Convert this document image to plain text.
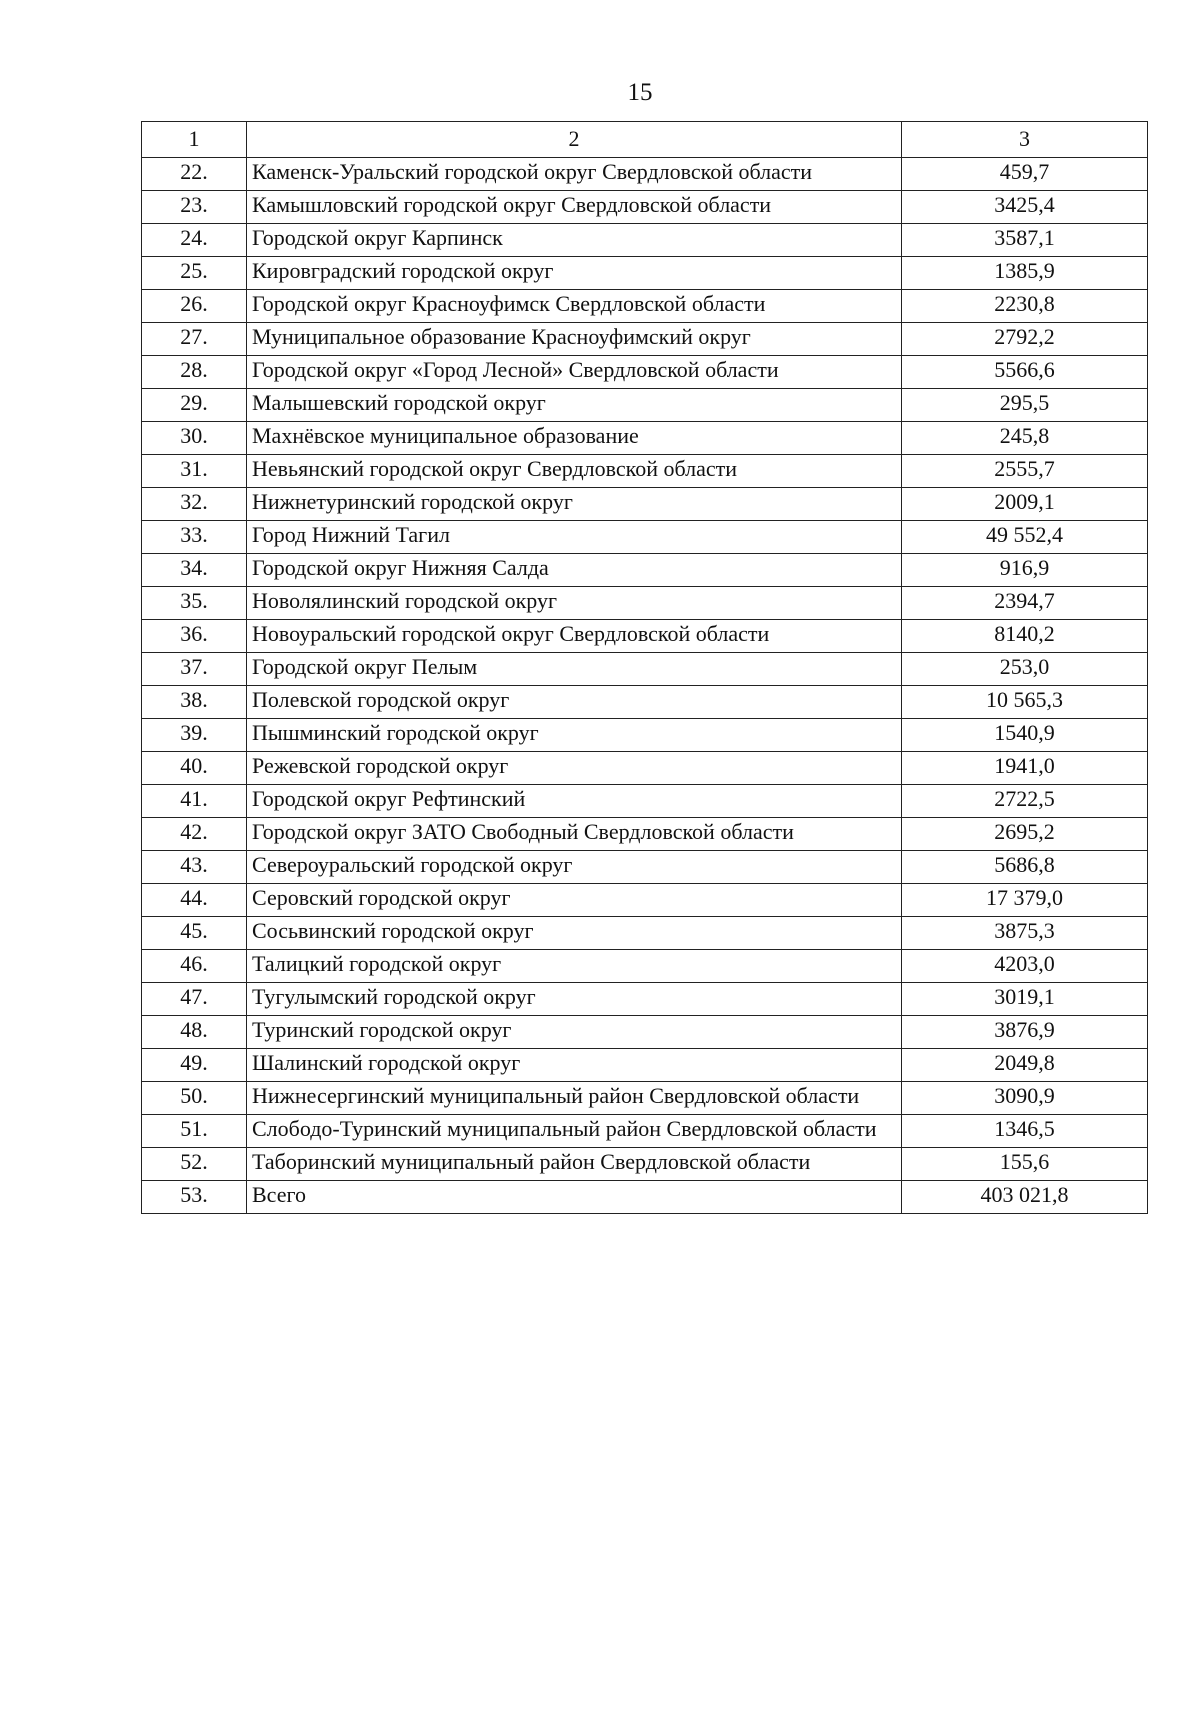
15
1	2	3
22.	Каменск-Уральский городской округ Свердловской области	459,7
23.	Камышловский городской округ Свердловской области	3425,4
24.	Городской округ Карпинск	3587,1
25.	Кировградский городской округ	1385,9
26.	Городской округ Красноуфимск Свердловской области	2230,8
27.	Муниципальное образование Красноуфимский округ	2792,2
28.	Городской округ «Город Лесной» Свердловской области	5566,6
29.	Малышевский городской округ	295,5
30.	Махнёвское муниципальное образование	245,8
31.	Невьянский городской округ Свердловской области	2555,7
32.	Нижнетуринский городской округ	2009,1
33.	Город Нижний Тагил	49 552,4
34.	Городской округ Нижняя Салда	916,9
35.	Новолялинский городской округ	2394,7
36.	Новоуральский городской округ Свердловской области	8140,2
37.	Городской округ Пелым	253,0
38.	Полевской городской округ	10 565,3
39.	Пышминский городской округ	1540,9
40.	Режевской городской округ	1941,0
41.	Городской округ Рефтинский	2722,5
42.	Городской округ ЗАТО Свободный Свердловской области	2695,2
43.	Североуральский городской округ	5686,8
44.	Серовский городской округ	17 379,0
45.	Сосьвинский городской округ	3875,3
46.	Талицкий городской округ	4203,0
47.	Тугулымский городской округ	3019,1
48.	Туринский городской округ	3876,9
49.	Шалинский городской округ	2049,8
50.	Нижнесергинский муниципальный район Свердловской области	3090,9
51.	Слободо-Туринский муниципальный район Свердловской области	1346,5
52.	Таборинский муниципальный район Свердловской области	155,6
53.	Всего	403 021,8
